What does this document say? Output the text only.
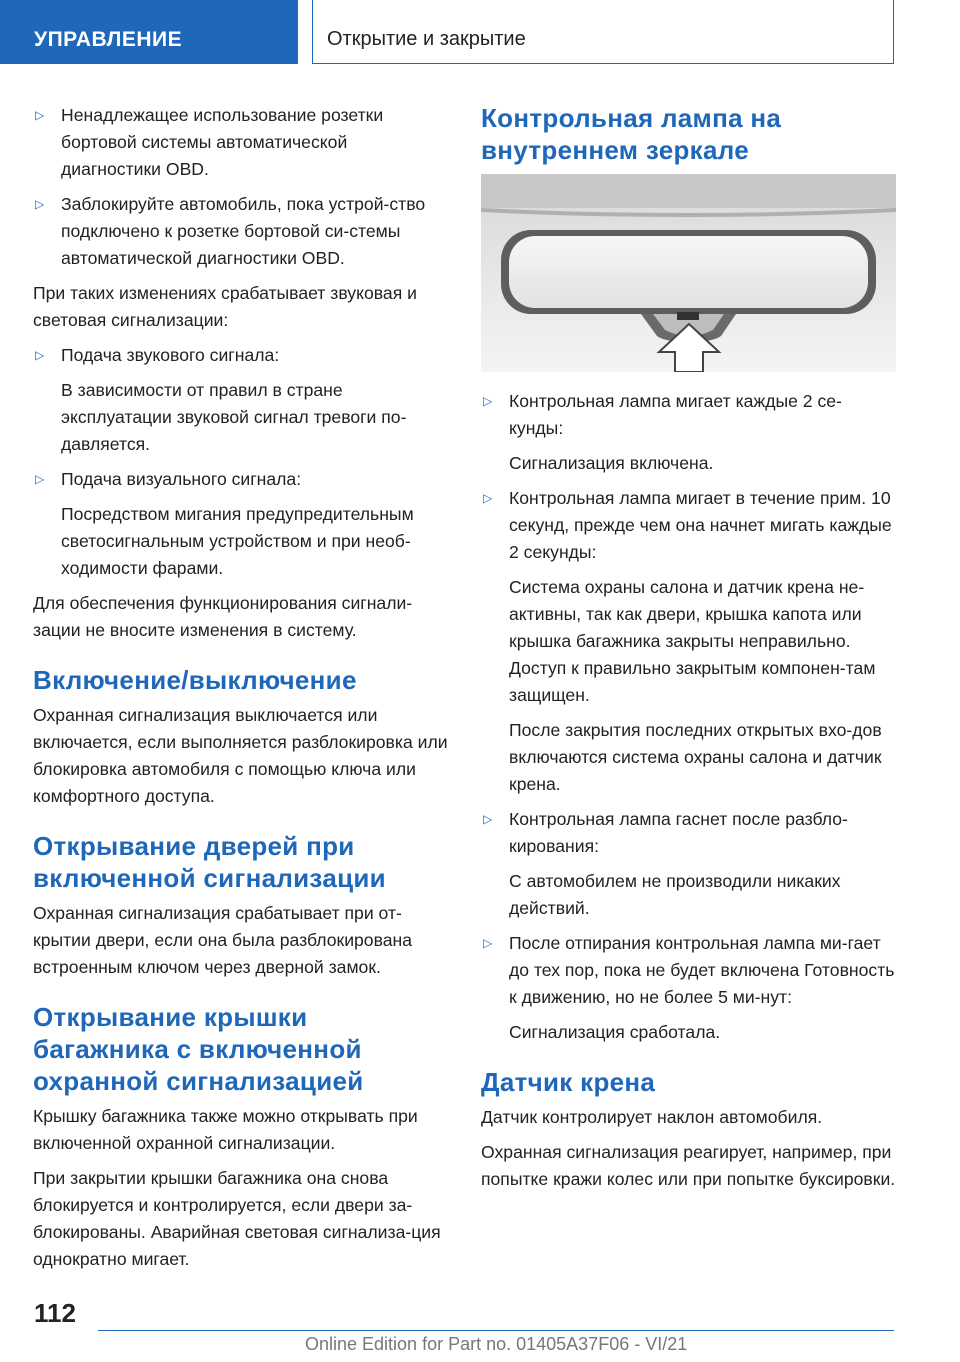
УПРАВЛЕНИЕ	Открытие и закрытие
▷ Ненадлежащее использование розетки бортовой системы автоматической диагностики OBD.
▷ Заблокируйте автомобиль, пока устрой-ство подключено к розетке бортовой си-стемы автоматической диагностики OBD.

При таких изменениях срабатывает звуковая и световая сигнализации:

▷ Подача звукового сигнала:

В зависимости от правил в стране эксплуатации звуковой сигнал тревоги по-давляется.

▷ Подача визуального сигнала:

Посредством мигания предупредительным светосигнальным устройством и при необ-ходимости фарами.

Для обеспечения функционирования сигнали-зации не вносите изменения в систему.

Включение/выключение

Охранная сигнализация выключается или включается, если выполняется разблокировка или блокировка автомобиля с помощью ключа или комфортного доступа.

Открывание дверей при включенной сигнализации

Охранная сигнализация срабатывает при от-крытии двери, если она была разблокирована встроенным ключом через дверной замок.

Открывание крышки багажника с включенной охранной сигнализацией

Крышку багажника также можно открывать при включенной охранной сигнализации.

При закрытии крышки багажника она снова блокируется и контролируется, если двери за-блокированы. Аварийная световая сигнализа-ция однократно мигает.

Контрольная лампа на внутреннем зеркале
▷ Контрольная лампа мигает каждые 2 се-кунды:

Сигнализация включена.

▷ Контрольная лампа мигает в течение прим. 10 секунд, прежде чем она начнет мигать каждые 2 секунды:

Система охраны салона и датчик крена не-активны, так как двери, крышка капота или крышка багажника закрыты неправильно. Доступ к правильно закрытым компонен-там защищен.

После закрытия последних открытых вхо-дов включаются система охраны салона и датчик крена.

▷ Контрольная лампа гаснет после разбло-кирования:

С автомобилем не производили никаких действий.

▷ После отпирания контрольная лампа ми-гает до тех пор, пока не будет включена Готовность к движению, но не более 5 ми-нут:

Сигнализация сработала.

Датчик крена

Датчик контролирует наклон автомобиля.

Охранная сигнализация реагирует, например, при попытке кражи колес или при попытке буксировки.

112
Online Edition for Part no. 01405A37F06 - VI/21
